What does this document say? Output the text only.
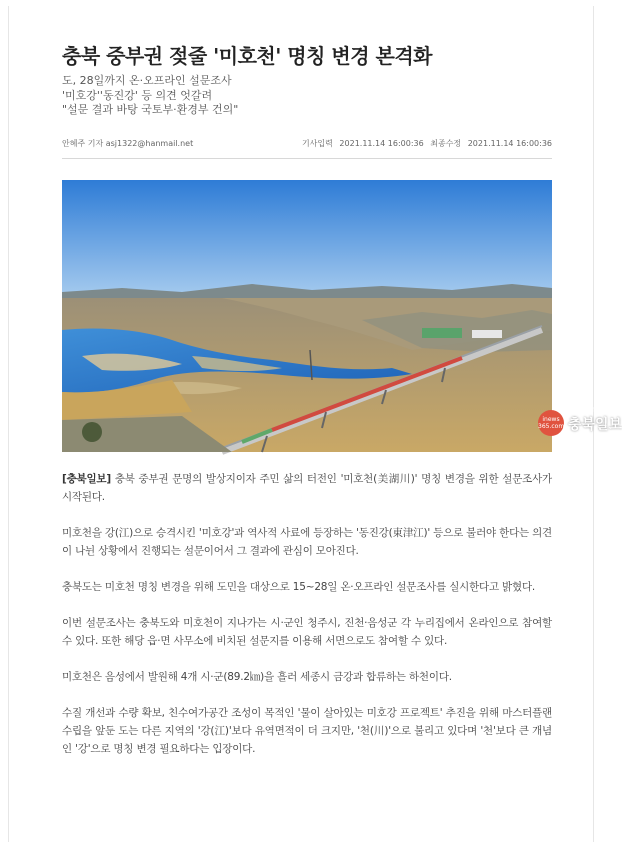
충북 중부권 젖줄 '미호천' 명칭 변경 본격화
도, 28일까지 온·오프라인 설문조사
'미호강''동진강' 등 의견 엇갈려
"설문 결과 바탕 국토부·환경부 건의"
안혜주 기자 asj1322@hanmail.net	기사입력 2021.11.14 16:00:36 최종수정 2021.11.14 16:00:36
inews 365.com
인터넷충북일보
충북일보

[충북일보] 충북 중부권 문명의 발상지이자 주민 삶의 터전인 '미호천(美湖川)' 명칭 변경을 위한 설문조사가 시작된다.

미호천을 강(江)으로 승격시킨 '미호강'과 역사적 사료에 등장하는 '동진강(東津江)' 등으로 불러야 한다는 의견이 나뉜 상황에서 진행되는 설문이어서 그 결과에 관심이 모아진다.

충북도는 미호천 명칭 변경을 위해 도민을 대상으로 15~28일 온·오프라인 설문조사를 실시한다고 밝혔다.

이번 설문조사는 충북도와 미호천이 지나가는 시·군인 청주시, 진천·음성군 각 누리집에서 온라인으로 참여할 수 있다. 또한 해당 읍·면 사무소에 비치된 설문지를 이용해 서면으로도 참여할 수 있다.

미호천은 음성에서 발원해 4개 시·군(89.2㎞)을 흘러 세종시 금강과 합류하는 하천이다.

수질 개선과 수량 확보, 친수여가공간 조성이 목적인 '물이 살아있는 미호강 프로젝트' 추진을 위해 마스터플랜 수립을 앞둔 도는 다른 지역의 '강(江)'보다 유역면적이 더 크지만, '천(川)'으로 불리고 있다며 '천'보다 큰 개념인 '강'으로 명칭 변경 필요하다는 입장이다.
